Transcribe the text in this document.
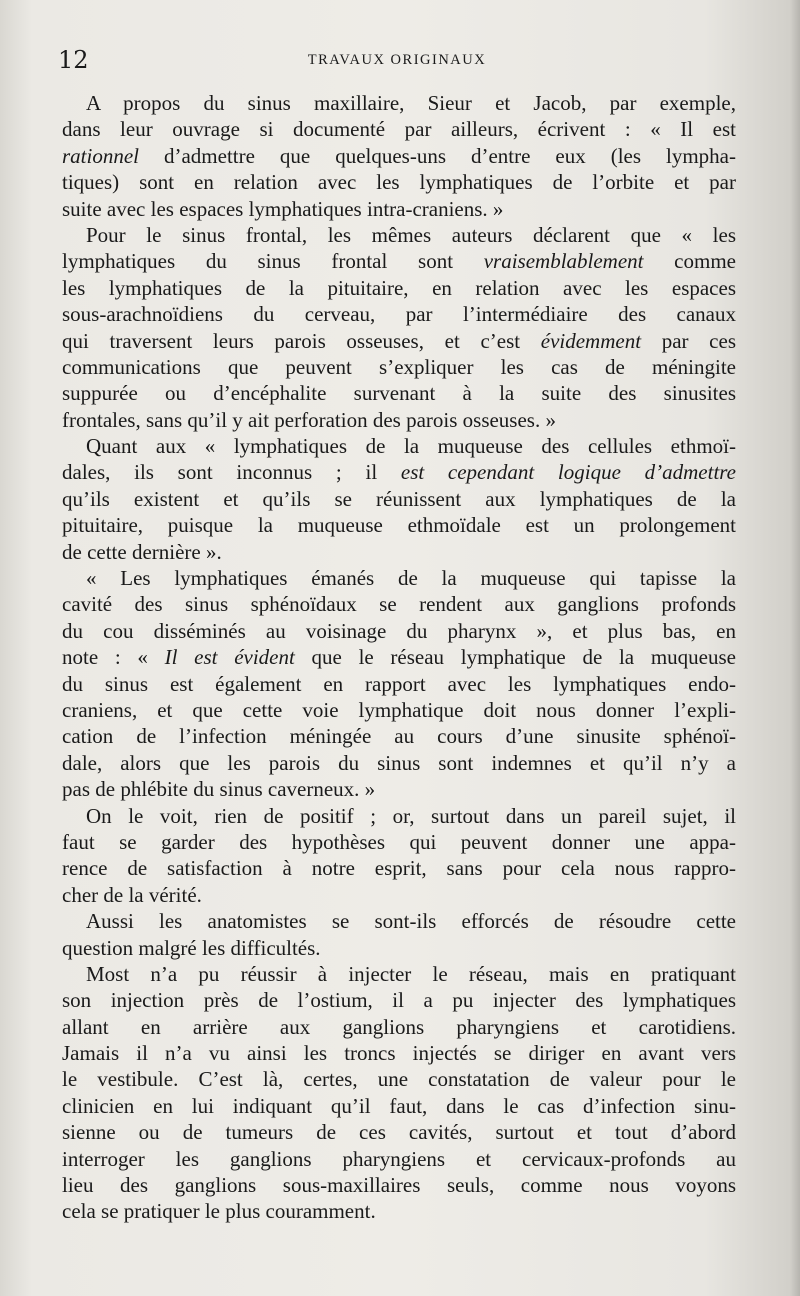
12	TRAVAUX ORIGINAUX
A propos du sinus maxillaire, Sieur et Jacob, par exemple,
dans leur ouvrage si documenté par ailleurs, écrivent : « Il est
rationnel d’admettre que quelques-uns d’entre eux (les lympha-
tiques) sont en relation avec les lymphatiques de l’orbite et par
suite avec les espaces lymphatiques intra-craniens. »
Pour le sinus frontal, les mêmes auteurs déclarent que « les
lymphatiques du sinus frontal sont vraisemblablement comme
les lymphatiques de la pituitaire, en relation avec les espaces
sous-arachnoïdiens du cerveau, par l’intermédiaire des canaux
qui traversent leurs parois osseuses, et c’est évidemment par ces
communications que peuvent s’expliquer les cas de méningite
suppurée ou d’encéphalite survenant à la suite des sinusites
frontales, sans qu’il y ait perforation des parois osseuses. »
Quant aux « lymphatiques de la muqueuse des cellules ethmoï-
dales, ils sont inconnus ; il est cependant logique d’admettre
qu’ils existent et qu’ils se réunissent aux lymphatiques de la
pituitaire, puisque la muqueuse ethmoïdale est un prolongement
de cette dernière ».
« Les lymphatiques émanés de la muqueuse qui tapisse la
cavité des sinus sphénoïdaux se rendent aux ganglions profonds
du cou disséminés au voisinage du pharynx », et plus bas, en
note : « Il est évident que le réseau lymphatique de la muqueuse
du sinus est également en rapport avec les lymphatiques endo-
craniens, et que cette voie lymphatique doit nous donner l’expli-
cation de l’infection méningée au cours d’une sinusite sphénoï-
dale, alors que les parois du sinus sont indemnes et qu’il n’y a
pas de phlébite du sinus caverneux. »
On le voit, rien de positif ; or, surtout dans un pareil sujet, il
faut se garder des hypothèses qui peuvent donner une appa-
rence de satisfaction à notre esprit, sans pour cela nous rappro-
cher de la vérité.
Aussi les anatomistes se sont-ils efforcés de résoudre cette
question malgré les difficultés.
Most n’a pu réussir à injecter le réseau, mais en pratiquant
son injection près de l’ostium, il a pu injecter des lymphatiques
allant en arrière aux ganglions pharyngiens et carotidiens.
Jamais il n’a vu ainsi les troncs injectés se diriger en avant vers
le vestibule. C’est là, certes, une constatation de valeur pour le
clinicien en lui indiquant qu’il faut, dans le cas d’infection sinu-
sienne ou de tumeurs de ces cavités, surtout et tout d’abord
interroger les ganglions pharyngiens et cervicaux-profonds au
lieu des ganglions sous-maxillaires seuls, comme nous voyons
cela se pratiquer le plus couramment.
